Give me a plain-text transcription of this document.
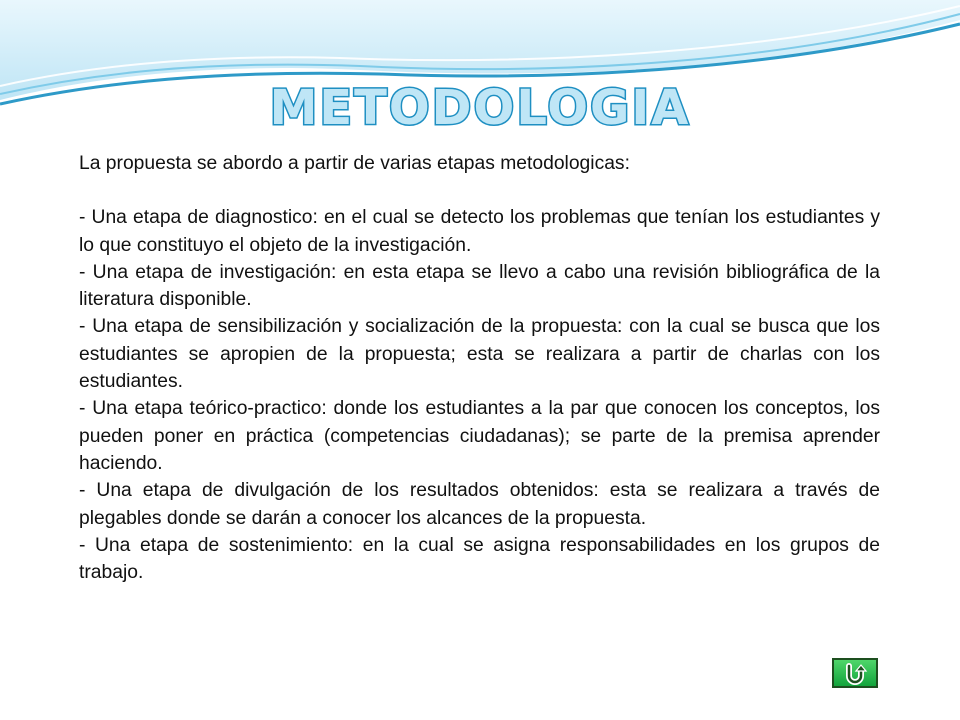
METODOLOGIA

La propuesta se abordo a partir de varias etapas metodologicas:

- Una etapa de diagnostico: en el cual se detecto los problemas que tenían los estudiantes y lo que constituyo el objeto de la investigación.

- Una etapa de investigación: en esta etapa se llevo a cabo una revisión bibliográfica de la literatura disponible.

- Una etapa de sensibilización y socialización de la propuesta: con la cual se busca que los estudiantes se apropien de la propuesta; esta se realizara a partir de charlas con los estudiantes.

- Una etapa teórico-practico: donde los estudiantes a la par que conocen los conceptos, los pueden poner en práctica (competencias ciudadanas); se parte de la premisa aprender haciendo.

- Una etapa de divulgación de los resultados obtenidos: esta se realizara a través de plegables donde se darán a conocer los alcances de la propuesta.

- Una etapa de sostenimiento: en la cual se asigna responsabilidades en los grupos de trabajo.
